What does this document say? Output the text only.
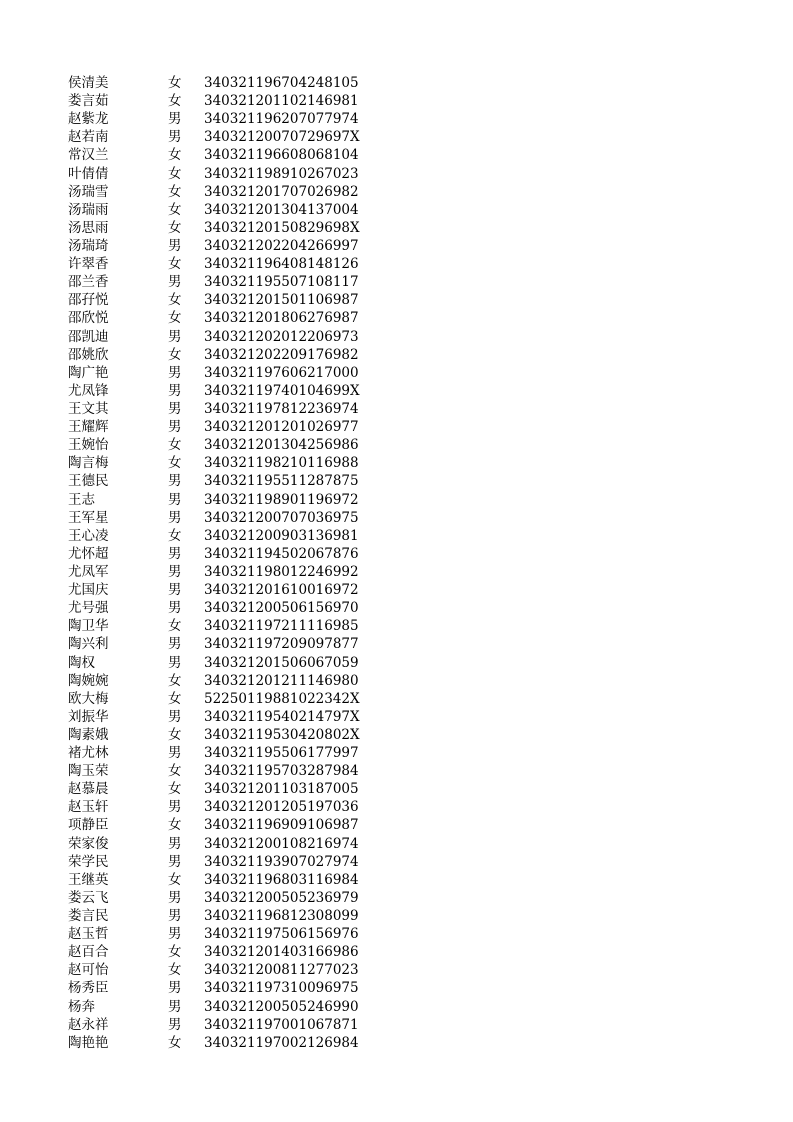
侯清美	女 340321196704248105
娄言茹	女 340321201102146981
赵紫龙	男 340321196207077974
赵若南	男 34032120070729697X
常汉兰	女 340321196608068104
叶倩倩	女 340321198910267023
汤瑞雪	女 340321201707026982
汤瑞雨	女 340321201304137004
汤思雨	女 34032120150829698X
汤瑞琦	男 340321202204266997
许翠香	女 340321196408148126
邵兰香	男 340321195507108117
邵孖悦	女 340321201501106987
邵欣悦	女 340321201806276987
邵凯迪	男 340321202012206973
邵姚欣	女 340321202209176982
陶广艳	男 340321197606217000
尤凤锋	男 34032119740104699X
王文其	男 340321197812236974
王耀辉	男 340321201201026977
王婉怡	女 340321201304256986
陶言梅	女 340321198210116988
王德民	男 340321195511287875
王志	男 340321198901196972
王军星	男 340321200707036975
王心凌	女 340321200903136981
尤怀超	男 340321194502067876
尤凤军	男 340321198012246992
尤国庆	男 340321201610016972
尤号强	男 340321200506156970
陶卫华	女 340321197211116985
陶兴利	男 340321197209097877
陶权	男 340321201506067059
陶婉婉	女 340321201211146980
欧大梅	女 52250119881022342X
刘振华	男 34032119540214797X
陶素娥	女 34032119530420802X
褚尤林	男 340321195506177997
陶玉荣	女 340321195703287984
赵慕晨	女 340321201103187005
赵玉轩	男 340321201205197036
项静臣	女 340321196909106987
荣家俊	男 340321200108216974
荣学民	男 340321193907027974
王继英	女 340321196803116984
娄云飞	男 340321200505236979
娄言民	男 340321196812308099
赵玉哲	男 340321197506156976
赵百合	女 340321201403166986
赵可怡	女 340321200811277023
杨秀臣	男 340321197310096975
杨奔	男 340321200505246990
赵永祥	男 340321197001067871
陶艳艳	女 340321197002126984
